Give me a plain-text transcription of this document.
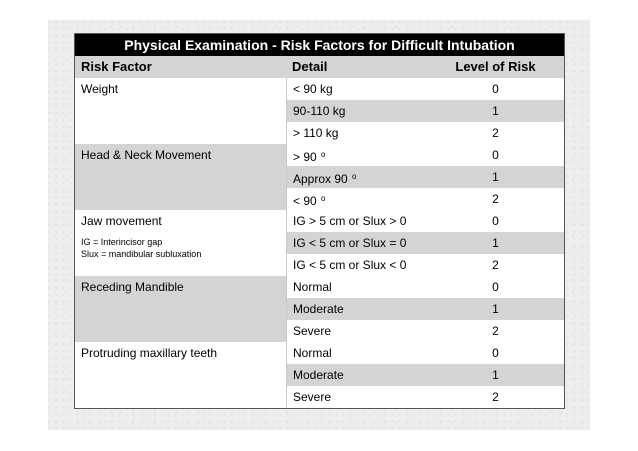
Physical Examination - Risk Factors for Difficult Intubation
Risk Factor	Detail	Level of Risk
Weight	< 90 kg	0
90-110 kg	1
> 110 kg	2
Head & Neck Movement	> 90 $^o$	0
Approx 90 $^o$	1
< 90 $^o$	2
Jaw movement
IG = Interincisor gap
Slux = mandibular subluxation
IG > 5 cm or Slux > 0	0
IG < 5 cm or Slux = 0	1
IG < 5 cm or Slux < 0	2
Receding Mandible	Normal	0
Moderate	1
Severe	2
Protruding maxillary teeth	Normal	0
Moderate	1
Severe	2
